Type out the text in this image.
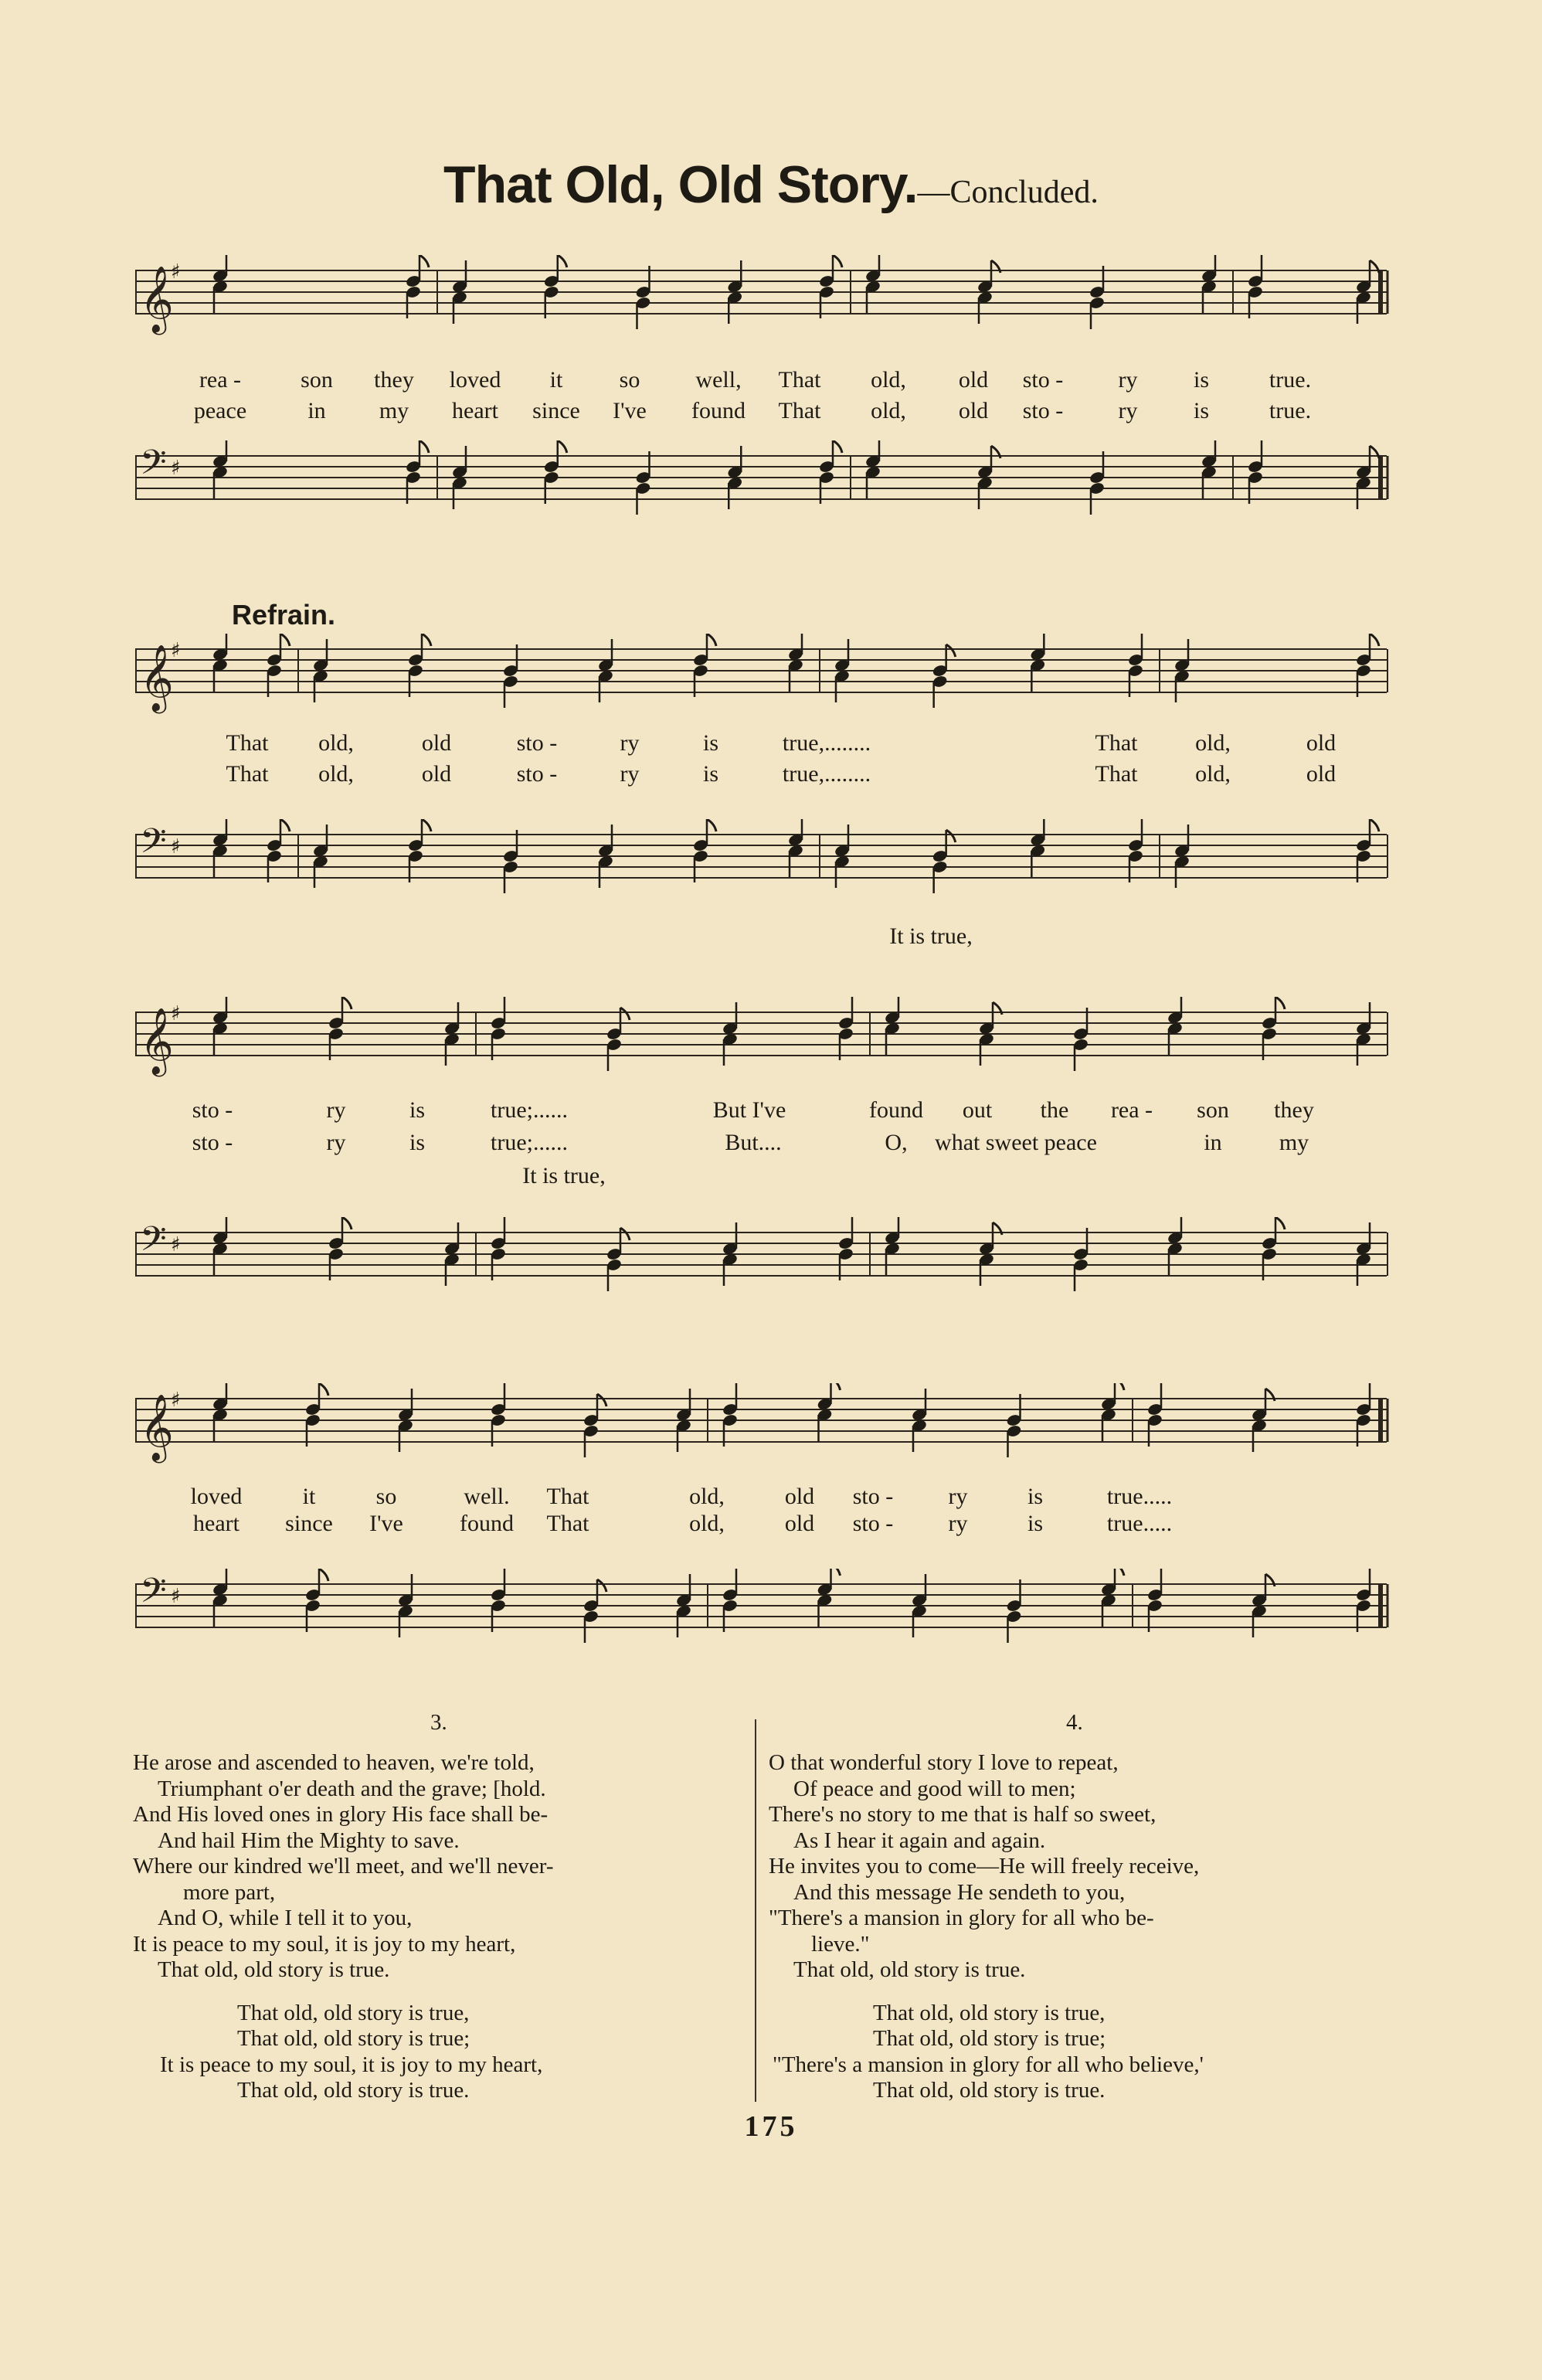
That Old, Old Story.—Concluded.
𝄞
♯
𝄢 ♯
rea -	son they loved it so well, That old, old sto - ry is	true.
peace	in my heart since I've found That old, old sto - ry is	true.
Refrain.
𝄞
♯
𝄢 ♯
That old,	old	sto -	ry	is	true,........	That old,	old
That old,	old	sto -	ry	is	true,........	That old,	old
It is true,
𝄞
♯
𝄢 ♯
sto -	ry	is	true;......	But I've	found out the rea - son they
sto -	ry	is	true;......	But....	O, what sweet peace	in my
It is true,
𝄞
♯
𝄢 ♯
loved	it	so	well. That	old,	old sto - ry	is	true.....
heart since I've found That	old,	old sto - ry	is	true.....
3.
He arose and ascended to heaven, we're told,
Triumphant o'er death and the grave; [hold.
And His loved ones in glory His face shall be-
And hail Him the Mighty to save.
Where our kindred we'll meet, and we'll never-
more part,
And O, while I tell it to you,
It is peace to my soul, it is joy to my heart,
That old, old story is true.
That old, old story is true,
That old, old story is true;
It is peace to my soul, it is joy to my heart,
That old, old story is true.
4.
O that wonderful story I love to repeat,
Of peace and good will to men;
There's no story to me that is half so sweet,
As I hear it again and again.
He invites you to come—He will freely receive,
And this message He sendeth to you,
"There's a mansion in glory for all who be-
lieve."
That old, old story is true.
That old, old story is true,
That old, old story is true;
"There's a mansion in glory for all who believe,'
That old, old story is true.
175
